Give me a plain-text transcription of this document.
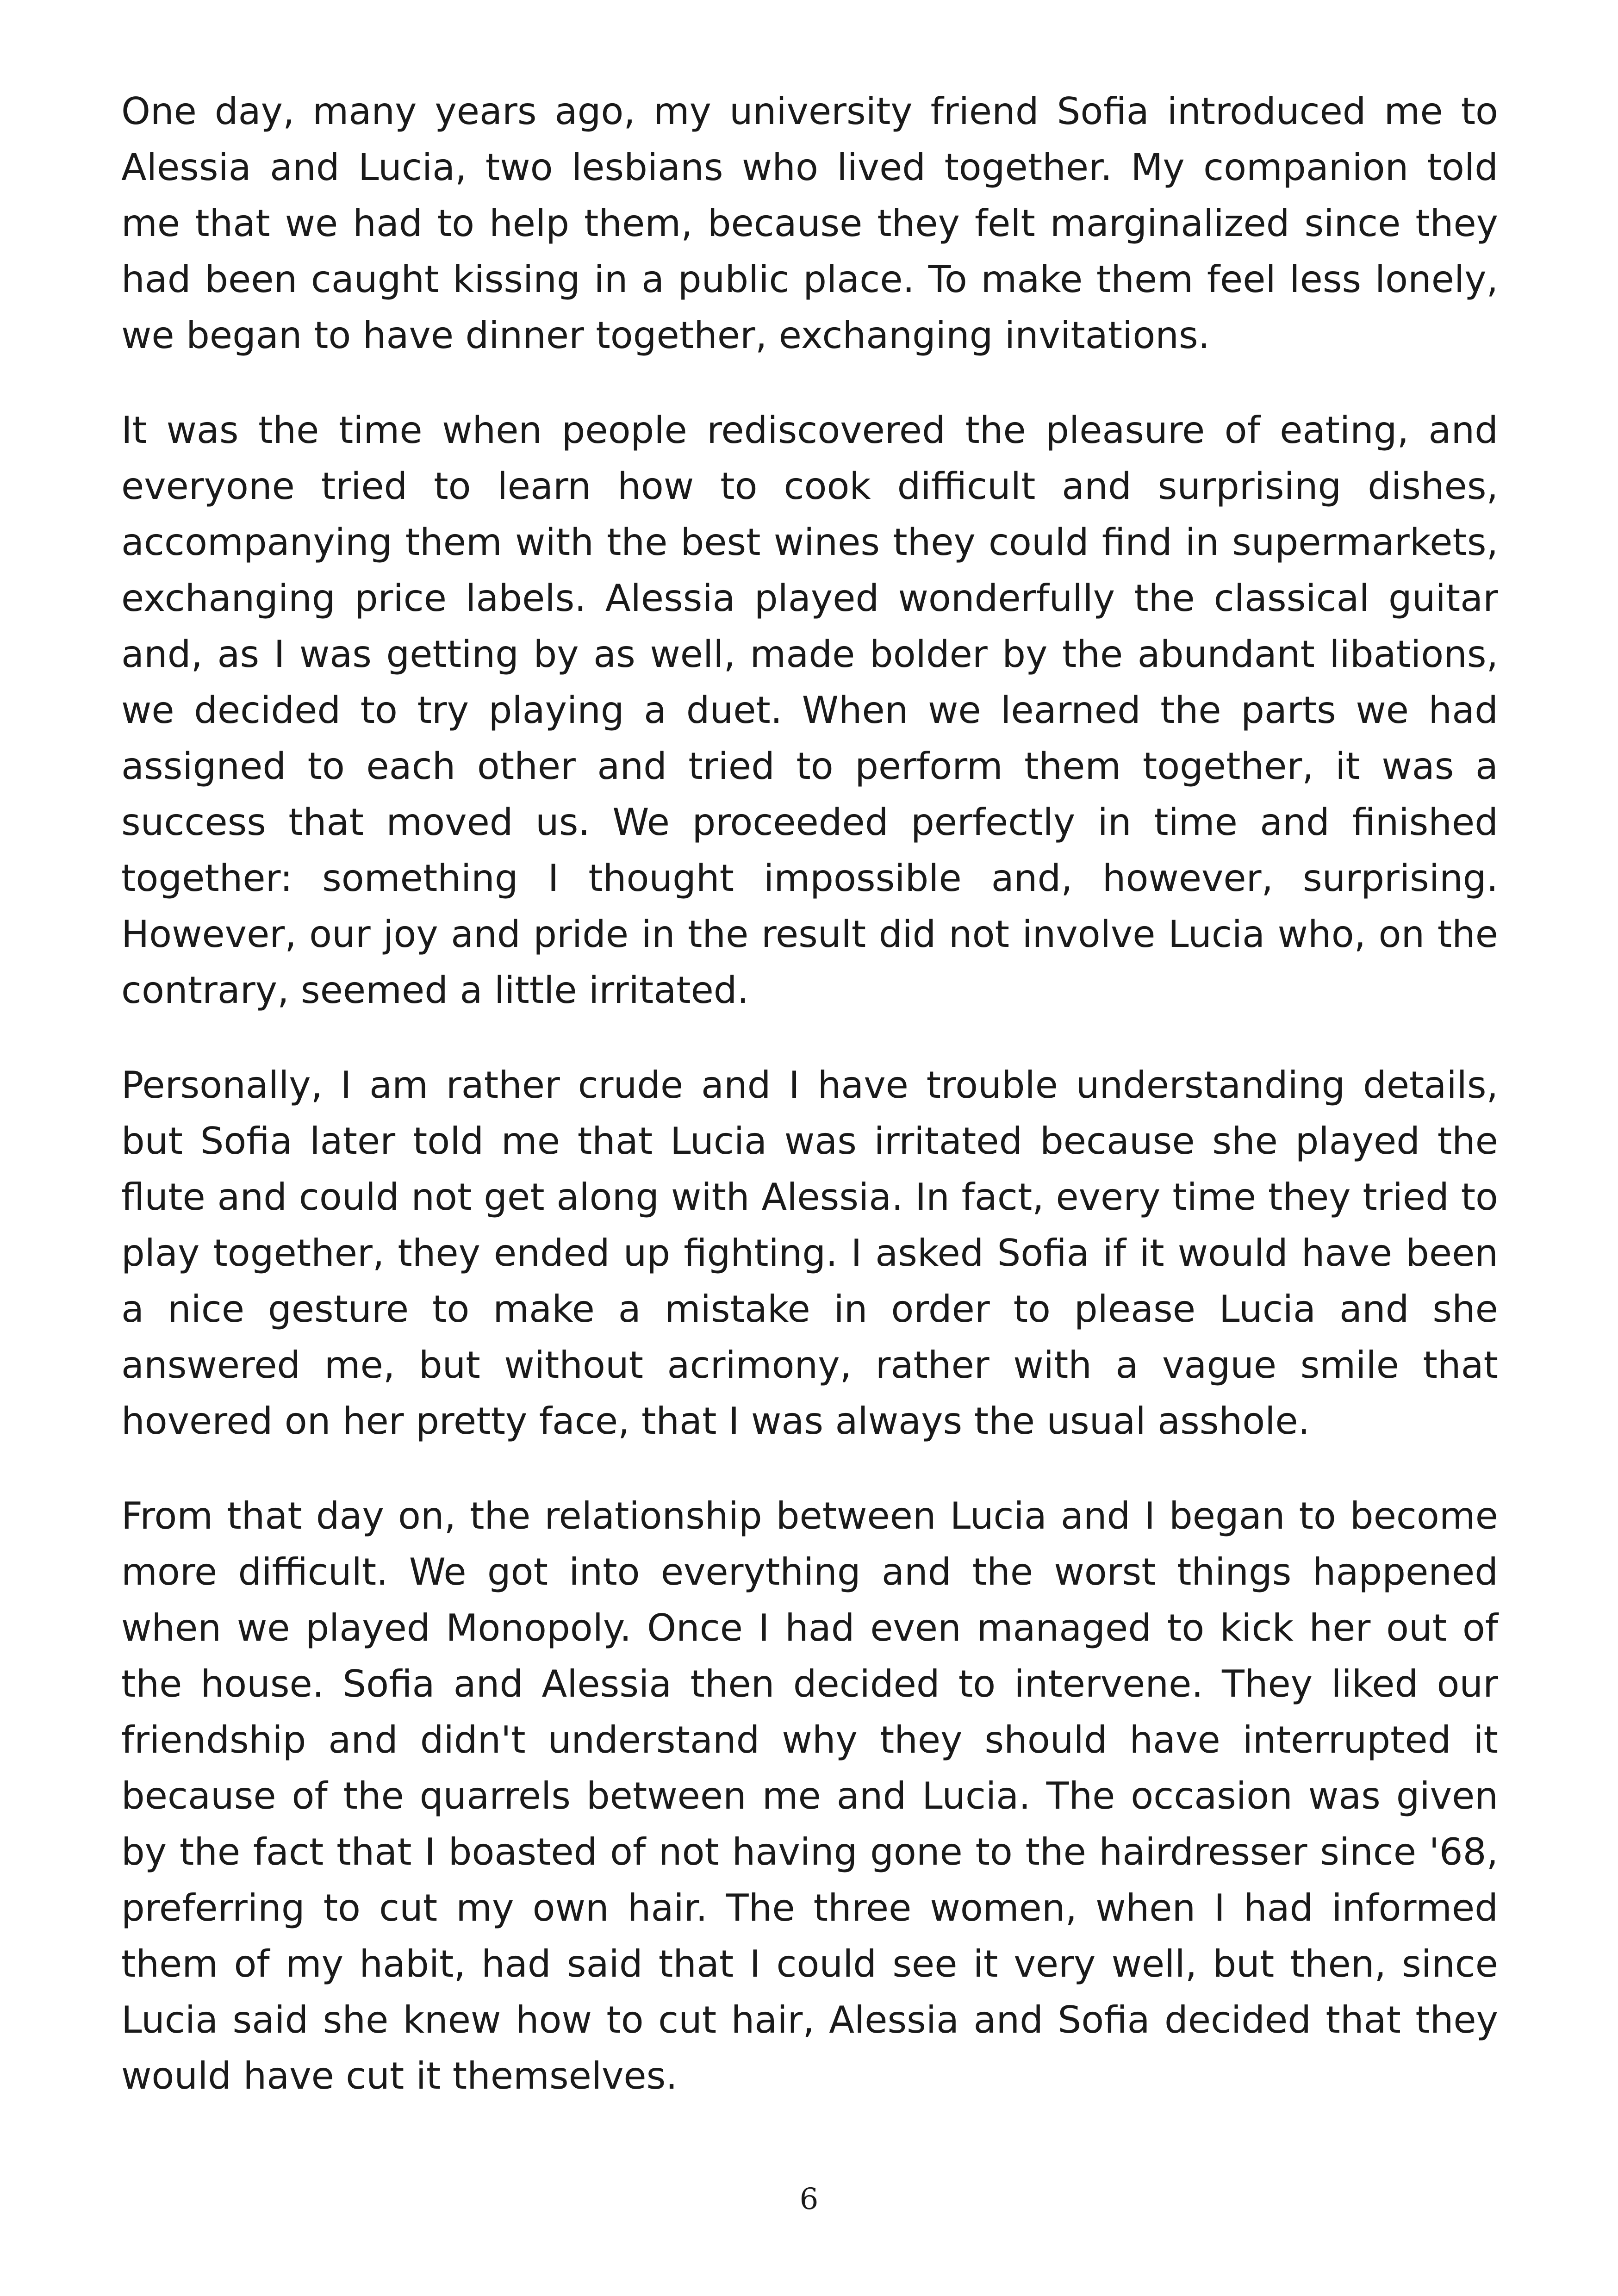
One day, many years ago, my university friend Sofia introduced me to Alessia and Lucia, two lesbians who lived together. My companion told me that we had to help them, because they felt marginalized since they had been caught kissing in a public place. To make them feel less lonely, we began to have dinner together, exchanging invitations.

It was the time when people rediscovered the pleasure of eating, and everyone tried to learn how to cook difficult and surprising dishes, accompanying them with the best wines they could find in supermarkets, exchanging price labels. Alessia played wonderfully the classical guitar and, as I was getting by as well, made bolder by the abundant libations, we decided to try playing a duet. When we learned the parts we had assigned to each other and tried to perform them together, it was a success that moved us. We proceeded perfectly in time and finished together: something I thought impossible and, however, surprising. However, our joy and pride in the result did not involve Lucia who, on the contrary, seemed a little irritated.

Personally, I am rather crude and I have trouble understanding details, but Sofia later told me that Lucia was irritated because she played the flute and could not get along with Alessia. In fact, every time they tried to play together, they ended up fighting. I asked Sofia if it would have been a nice gesture to make a mistake in order to please Lucia and she answered me, but without acrimony, rather with a vague smile that hovered on her pretty face, that I was always the usual asshole.

From that day on, the relationship between Lucia and I began to become more difficult. We got into everything and the worst things happened when we played Monopoly. Once I had even managed to kick her out of the house. Sofia and Alessia then decided to intervene. They liked our friendship and didn't understand why they should have interrupted it because of the quarrels between me and Lucia. The occasion was given by the fact that I boasted of not having gone to the hairdresser since '68, preferring to cut my own hair. The three women, when I had informed them of my habit, had said that I could see it very well, but then, since Lucia said she knew how to cut hair, Alessia and Sofia decided that they would have cut it themselves.

6
